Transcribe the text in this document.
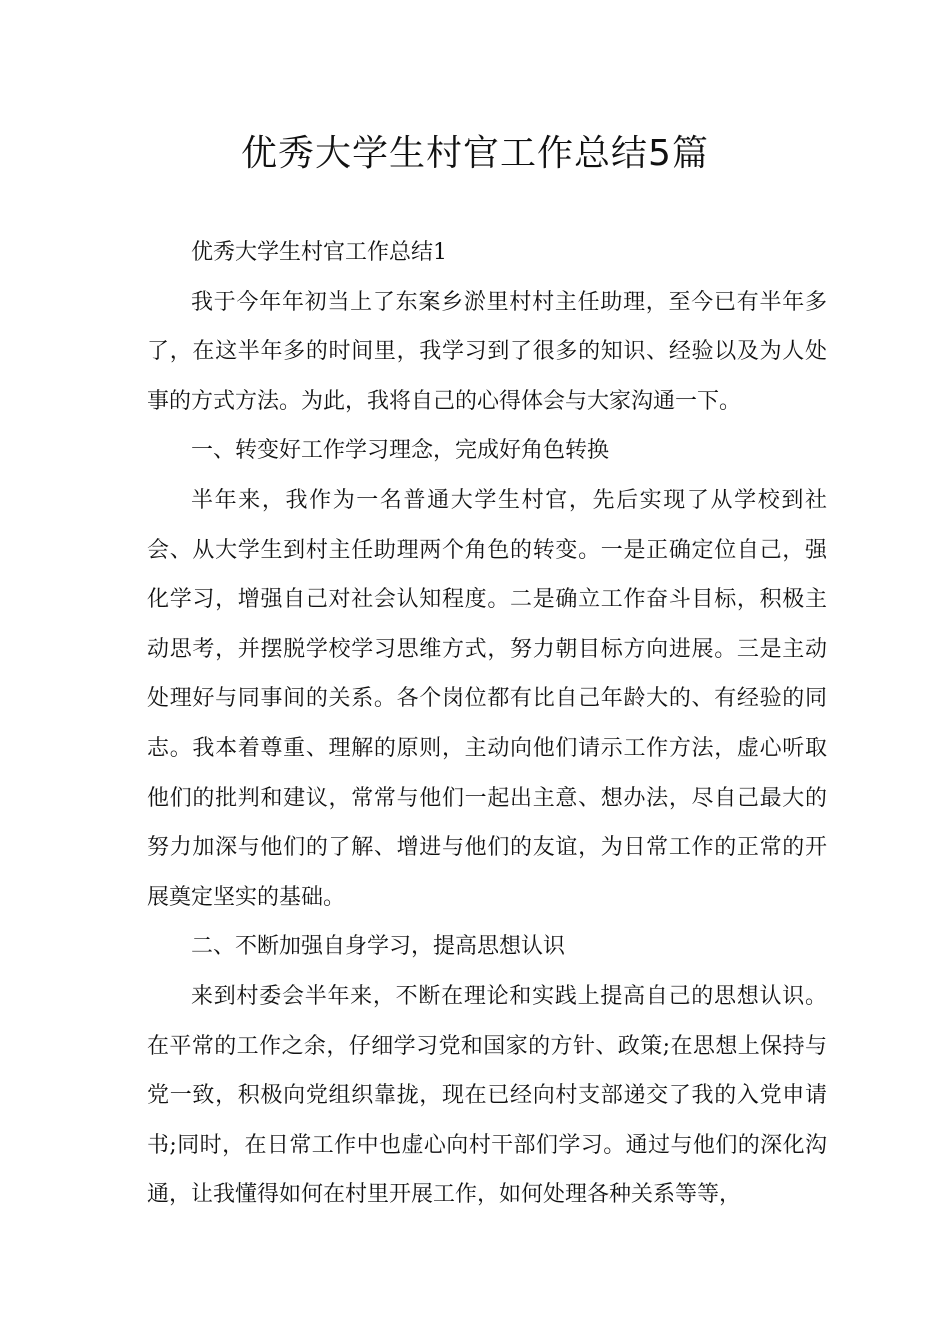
优秀大学生村官工作总结5篇

优秀大学生村官工作总结1

我于今年年初当上了东案乡淤里村村主任助理，至今已有半年多了，在这半年多的时间里，我学习到了很多的知识、经验以及为人处事的方式方法。为此，我将自己的心得体会与大家沟通一下。

一、转变好工作学习理念，完成好角色转换

半年来，我作为一名普通大学生村官，先后实现了从学校到社会、从大学生到村主任助理两个角色的转变。一是正确定位自己，强化学习，增强自己对社会认知程度。二是确立工作奋斗目标，积极主动思考，并摆脱学校学习思维方式，努力朝目标方向进展。三是主动处理好与同事间的关系。各个岗位都有比自己年龄大的、有经验的同志。我本着尊重、理解的原则，主动向他们请示工作方法，虚心听取他们的批判和建议，常常与他们一起出主意、想办法，尽自己最大的努力加深与他们的了解、增进与他们的友谊，为日常工作的正常的开展奠定坚实的基础。

二、不断加强自身学习，提高思想认识

来到村委会半年来，不断在理论和实践上提高自己的思想认识。在平常的工作之余，仔细学习党和国家的方针、政策;在思想上保持与党一致，积极向党组织靠拢，现在已经向村支部递交了我的入党申请书;同时，在日常工作中也虚心向村干部们学习。通过与他们的深化沟通，让我懂得如何在村里开展工作，如何处理各种关系等等，
